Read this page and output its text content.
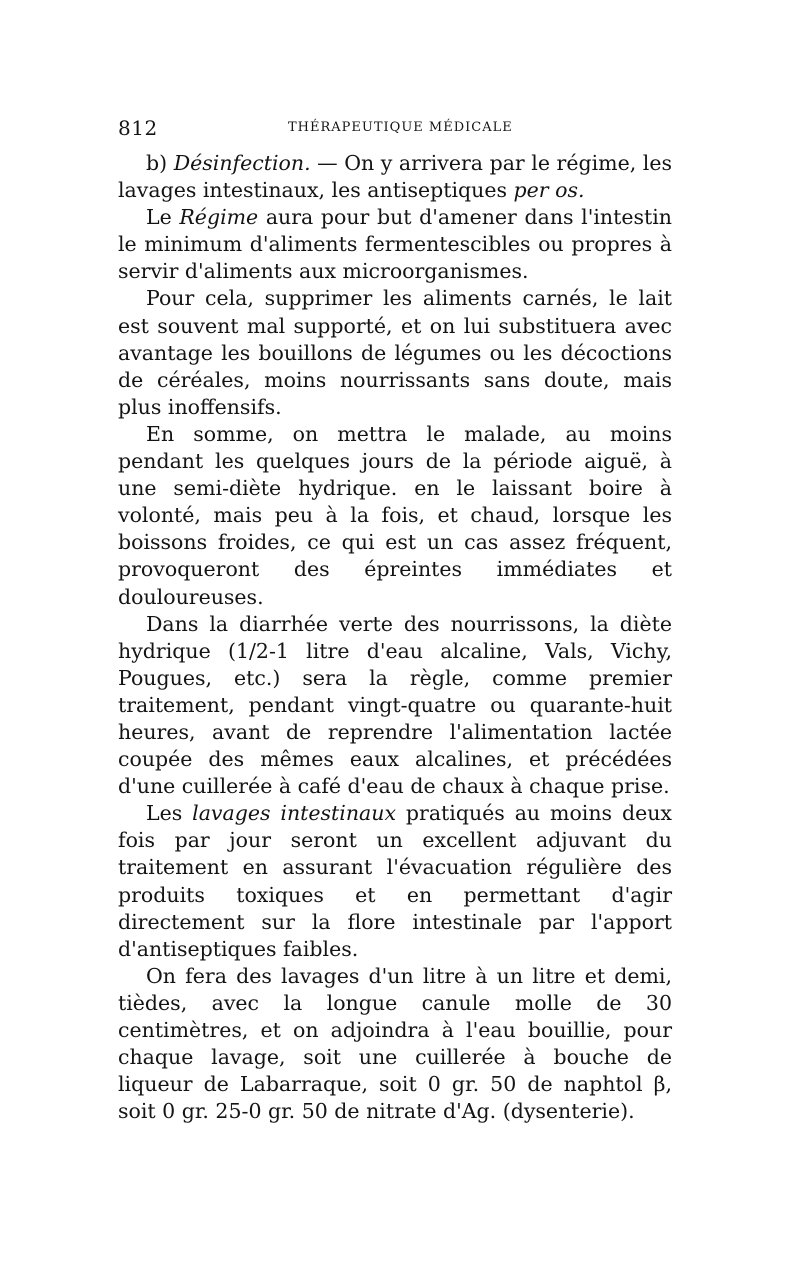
812	THÉRAPEUTIQUE MÉDICALE

b) Désinfection. — On y arrivera par le régime, les lavages intestinaux, les antiseptiques per os.

Le Régime aura pour but d'amener dans l'intestin le minimum d'aliments fermentescibles ou propres à servir d'aliments aux microorganismes.

Pour cela, supprimer les aliments carnés, le lait est souvent mal supporté, et on lui substituera avec avantage les bouillons de légumes ou les décoctions de céréales, moins nourrissants sans doute, mais plus inoffensifs.

En somme, on mettra le malade, au moins pendant les quelques jours de la période aiguë, à une semi-diète hydrique. en le laissant boire à volonté, mais peu à la fois, et chaud, lorsque les boissons froides, ce qui est un cas assez fréquent, provoqueront des épreintes immédiates et douloureuses.

Dans la diarrhée verte des nourrissons, la diète hydrique (1/2-1 litre d'eau alcaline, Vals, Vichy, Pougues, etc.) sera la règle, comme premier traitement, pendant vingt-quatre ou quarante-huit heures, avant de reprendre l'alimentation lactée coupée des mêmes eaux alcalines, et précédées d'une cuillerée à café d'eau de chaux à chaque prise.

Les lavages intestinaux pratiqués au moins deux fois par jour seront un excellent adjuvant du traitement en assurant l'évacuation régulière des produits toxiques et en permettant d'agir directement sur la flore intestinale par l'apport d'antiseptiques faibles.

On fera des lavages d'un litre à un litre et demi, tièdes, avec la longue canule molle de 30 centimètres, et on adjoindra à l'eau bouillie, pour chaque lavage, soit une cuillerée à bouche de liqueur de Labarraque, soit 0 gr. 50 de naphtol β, soit 0 gr. 25-0 gr. 50 de nitrate d'Ag. (dysenterie).
